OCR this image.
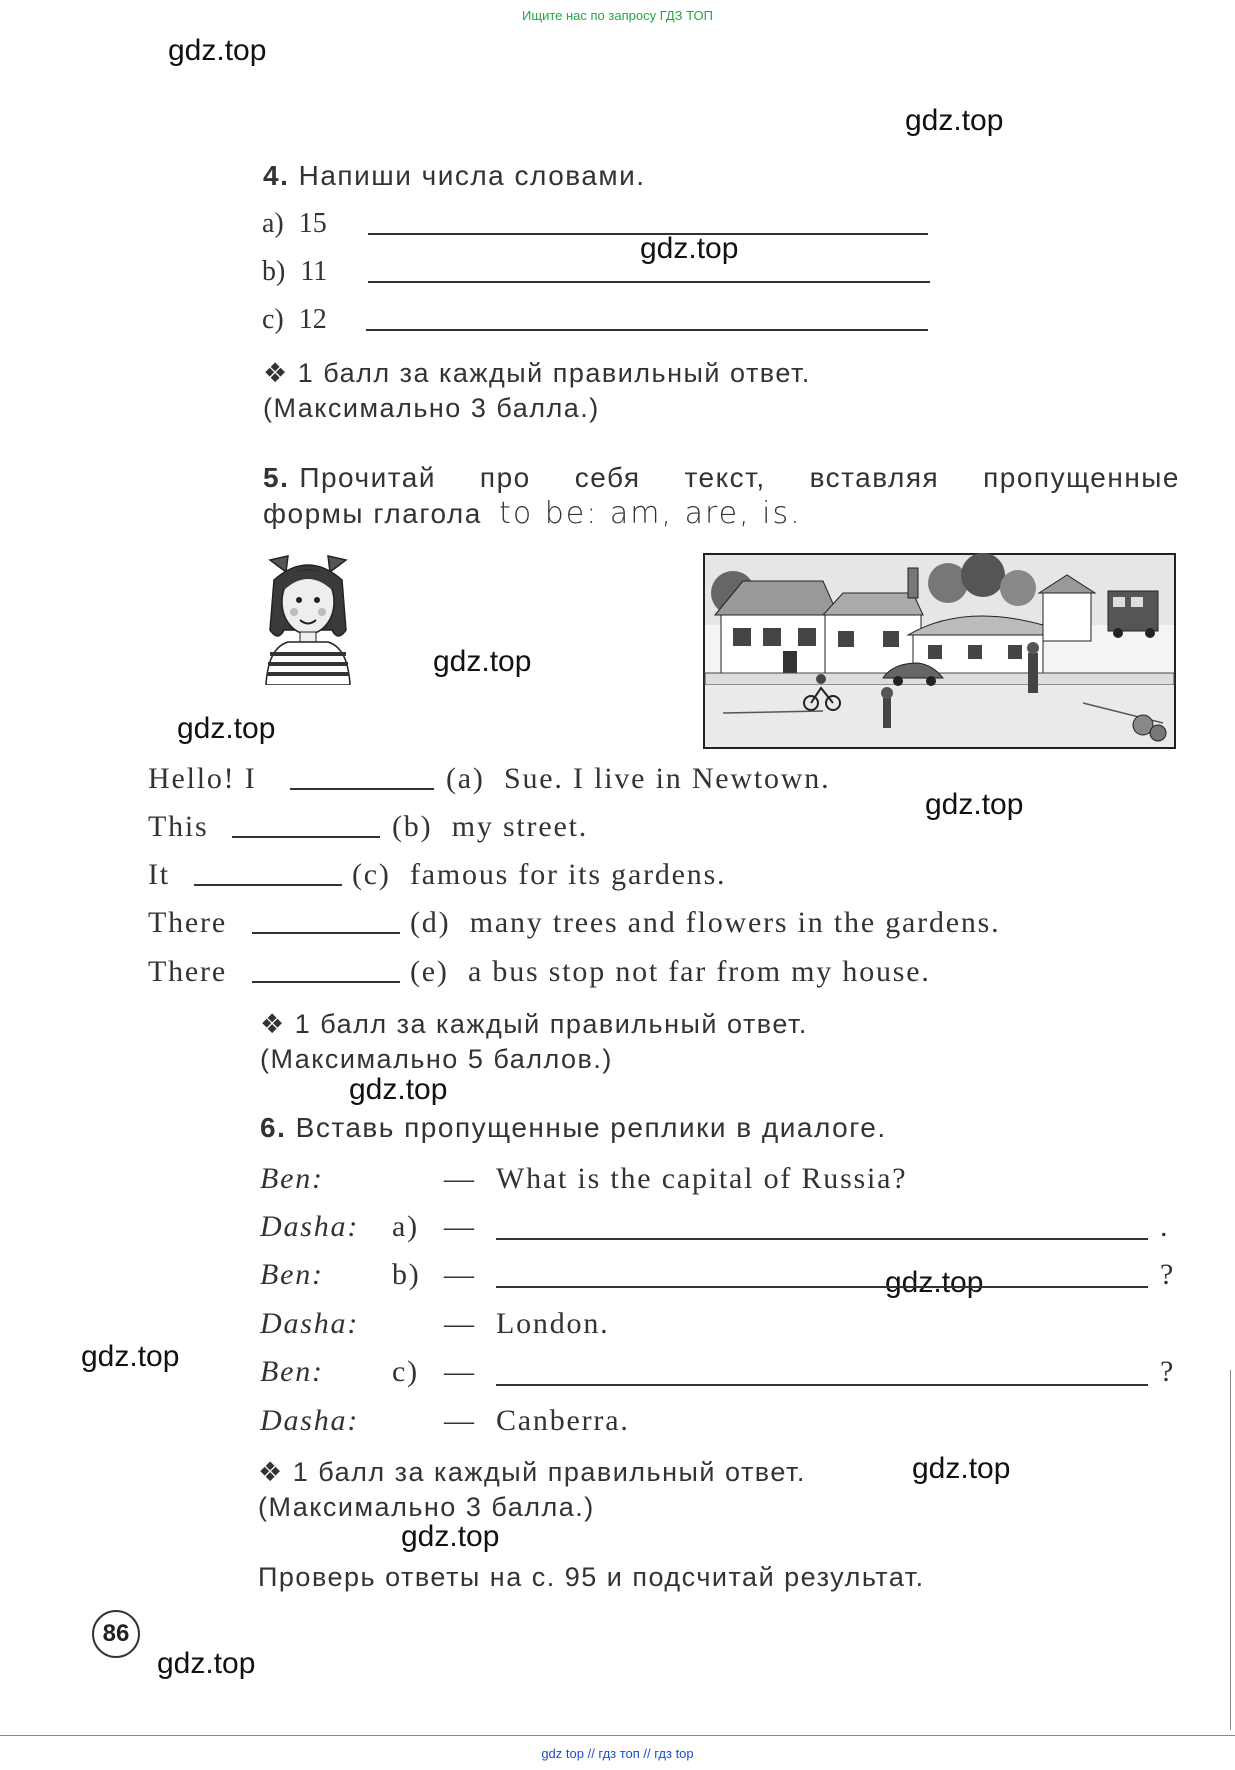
Ищите нас по запросу ГДЗ ТОП
gdz.top
gdz.top
gdz.top
gdz.top
gdz.top
gdz.top
gdz.top
gdz.top
gdz.top
gdz.top
gdz.top
gdz.top
4. Напиши числа словами.
a) 15
b) 11
c) 12
❖ 1 балл за каждый правильный ответ.
(Максимально 3 балла.)
5. Прочитай про себя текст, вставляя пропущенные
формы глагола to be: am, are, is.
Hello! I	(a) Sue. I live in Newtown.
This	(b) my street.
It	(c) famous for its gardens.
There	(d) many trees and flowers in the gardens.
There	(e) a bus stop not far from my house.
❖ 1 балл за каждый правильный ответ.
(Максимально 5 баллов.)
6. Вставь пропущенные реплики в диалоге.
Ben:	— What is the capital of Russia?
Dasha: a) —	.
Ben: b) —	?
Dasha:	— London.
Ben: c) —	?
Dasha:	— Canberra.
❖ 1 балл за каждый правильный ответ.
(Максимально 3 балла.)
Проверь ответы на с. 95 и подсчитай результат.
86
gdz top // гдз топ // гдз top
